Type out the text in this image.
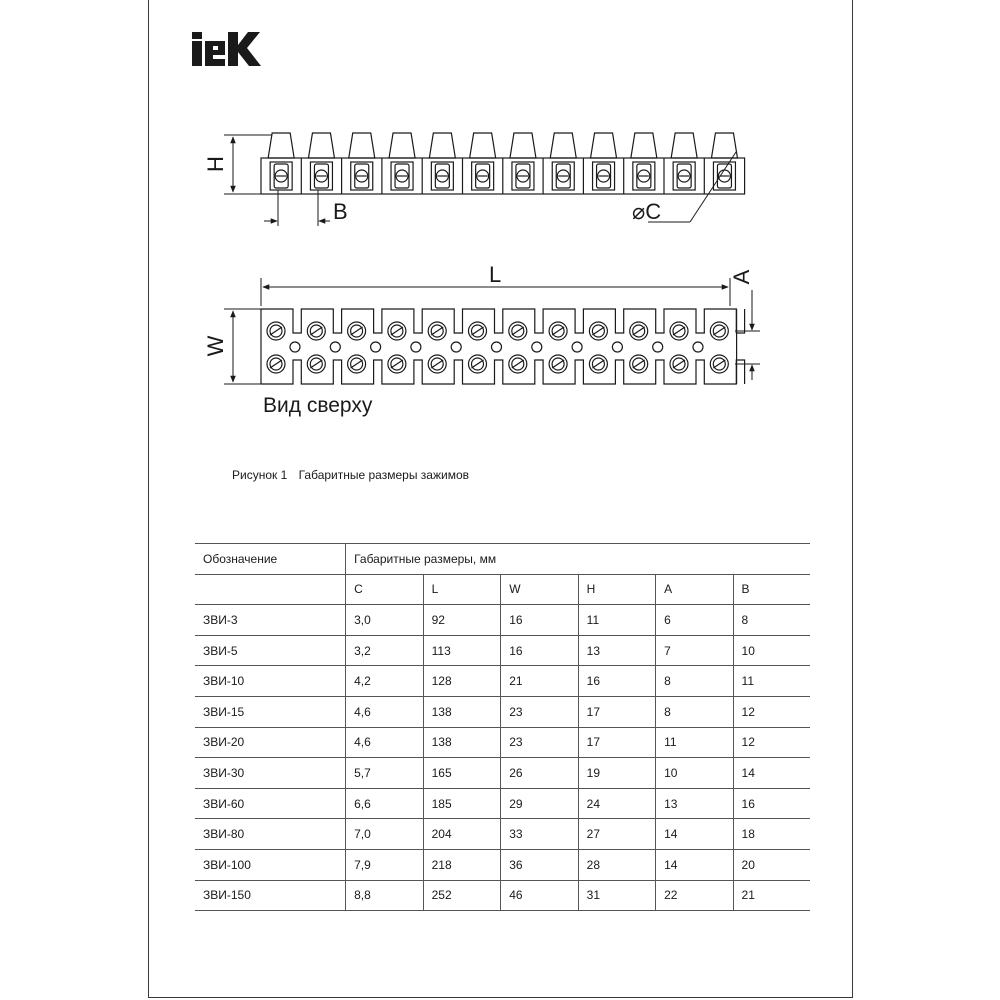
H
B	⌀C
L	A
W
Вид сверху
Рисунок 1 Габаритные размеры зажимов
Обозначение	Габаритные размеры, мм					
	C	L	W	H	A	B
ЗВИ-3	3,0	92	16	11	6	8
ЗВИ-5	3,2	113	16	13	7	10
ЗВИ-10	4,2	128	21	16	8	11
ЗВИ-15	4,6	138	23	17	8	12
ЗВИ-20	4,6	138	23	17	11	12
ЗВИ-30	5,7	165	26	19	10	14
ЗВИ-60	6,6	185	29	24	13	16
ЗВИ-80	7,0	204	33	27	14	18
ЗВИ-100	7,9	218	36	28	14	20
ЗВИ-150	8,8	252	46	31	22	21
